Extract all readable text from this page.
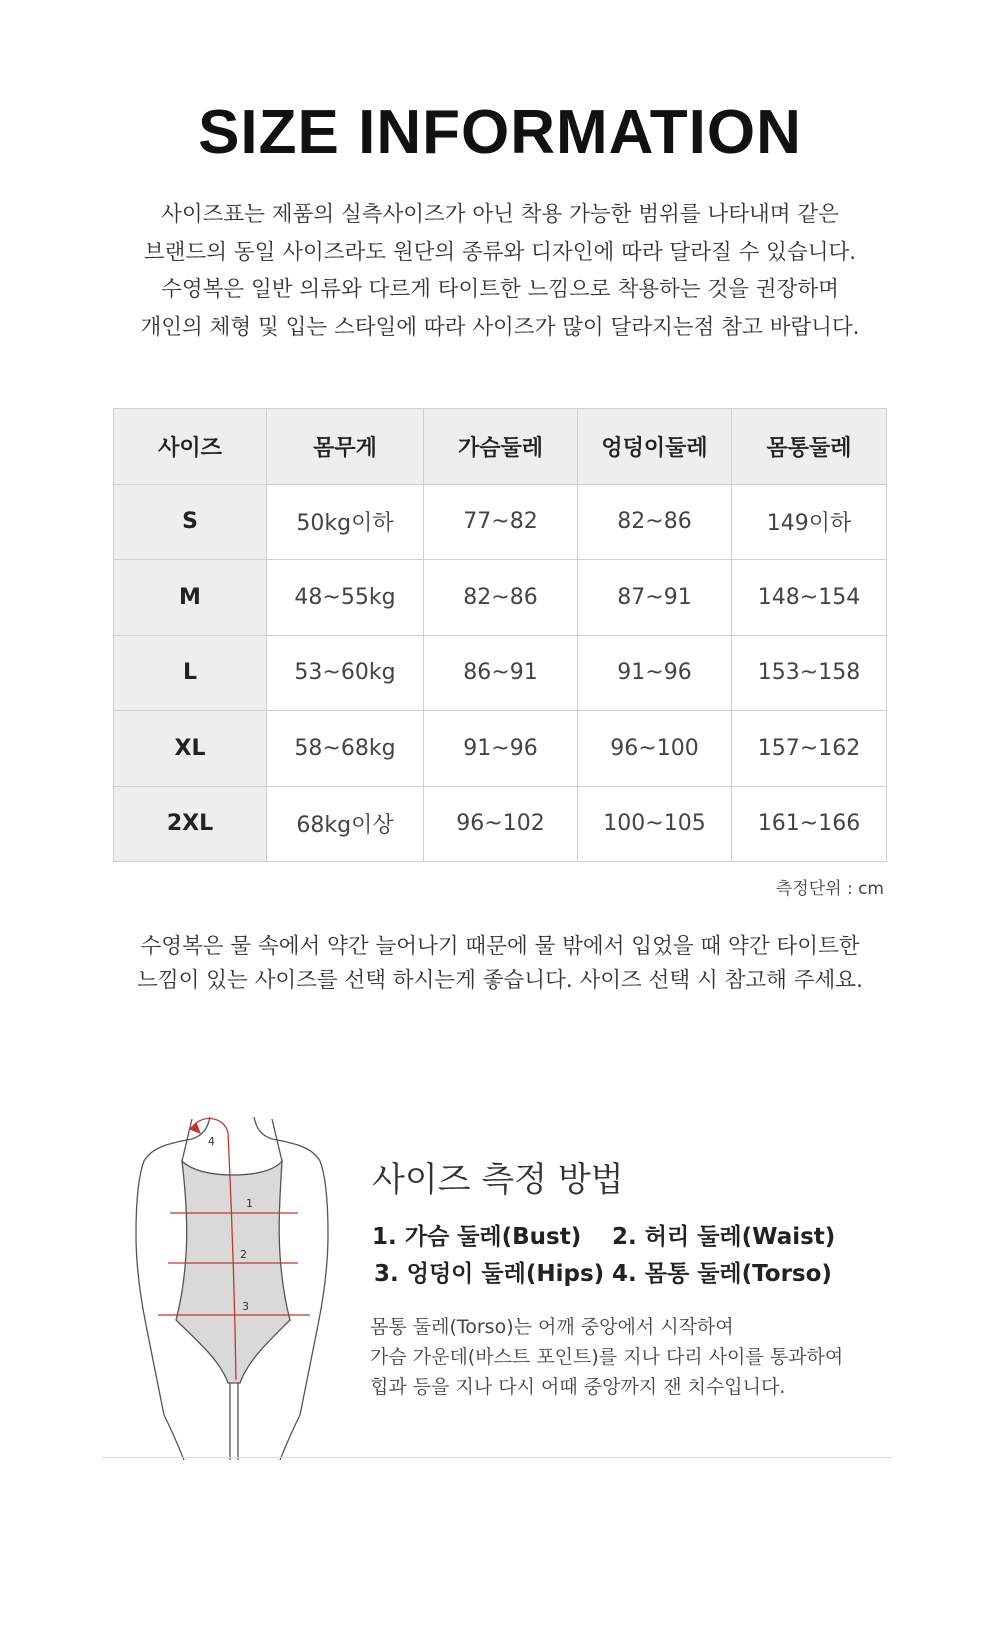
SIZE INFORMATION
사이즈표는 제품의 실측사이즈가 아닌 착용 가능한 범위를 나타내며 같은
브랜드의 동일 사이즈라도 원단의 종류와 디자인에 따라 달라질 수 있습니다.
수영복은 일반 의류와 다르게 타이트한 느낌으로 착용하는 것을 권장하며
개인의 체형 및 입는 스타일에 따라 사이즈가 많이 달라지는점 참고 바랍니다.
사이즈	몸무게	가슴둘레	엉덩이둘레	몸통둘레
S	50kg이하	77~82	82~86	149이하
M	48~55kg	82~86	87~91	148~154
L	53~60kg	86~91	91~96	153~158
XL	58~68kg	91~96	96~100	157~162
2XL	68kg이상	96~102	100~105	161~166
측정단위 : cm
수영복은 물 속에서 약간 늘어나기 때문에 물 밖에서 입었을 때 약간 타이트한
느낌이 있는 사이즈를 선택 하시는게 좋습니다. 사이즈 선택 시 참고해 주세요.
4
1
2
3
사이즈 측정 방법
1. 가슴 둘레(Bust) 2. 허리 둘레(Waist)
3. 엉덩이 둘레(Hips) 4. 몸통 둘레(Torso)
몸통 둘레(Torso)는 어깨 중앙에서 시작하여
가슴 가운데(바스트 포인트)를 지나 다리 사이를 통과하여
힙과 등을 지나 다시 어때 중앙까지 잰 치수입니다.
